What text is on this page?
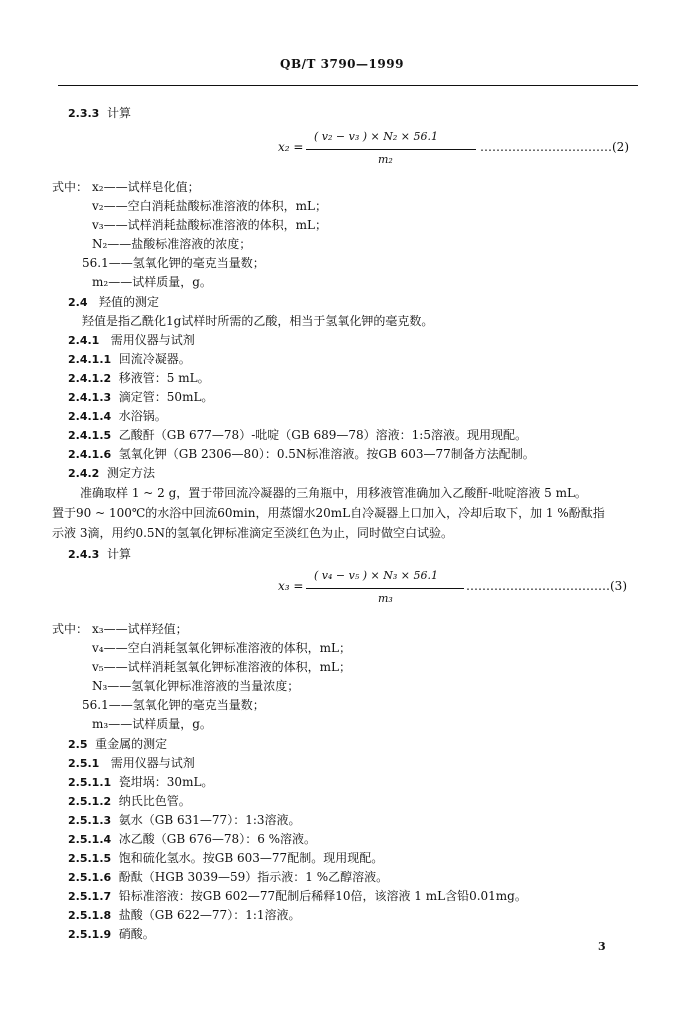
QB/T 3790—1999
2.3.3 计算
x₂ =
( v₂ − v₃ ) × N₂ × 56.1
m₂
……………………………(2)
式中： x₂——试样皂化值；
v₂——空白消耗盐酸标准溶液的体积，mL；
v₃——试样消耗盐酸标准溶液的体积，mL；
N₂——盐酸标准溶液的浓度；
56.1——氢氧化钾的毫克当量数；
m₂——试样质量，g。
2.4 羟值的测定
羟值是指乙酰化1g试样时所需的乙酸，相当于氢氧化钾的毫克数。
2.4.1 需用仪器与试剂
2.4.1.1 回流冷凝器。
2.4.1.2 移液管：5 mL。
2.4.1.3 滴定管：50mL。
2.4.1.4 水浴锅。
2.4.1.5 乙酸酐（GB 677—78）-吡啶（GB 689—78）溶液：1:5溶液。现用现配。
2.4.1.6 氢氧化钾（GB 2306—80）：0.5N标准溶液。按GB 603—77制备方法配制。
2.4.2 测定方法
准确取样 1 ~ 2 g，置于带回流冷凝器的三角瓶中，用移液管准确加入乙酸酐-吡啶溶液 5 mL。
置于90 ~ 100℃的水浴中回流60min，用蒸馏水20mL自冷凝器上口加入，冷却后取下，加 1 %酚酞指
示液 3滴，用约0.5N的氢氧化钾标准滴定至淡红色为止，同时做空白试验。
2.4.3 计算
x₃ =
( v₄ − v₅ ) × N₃ × 56.1
m₃
………………………………(3)
式中： x₃——试样羟值；
v₄——空白消耗氢氧化钾标准溶液的体积，mL；
v₅——试样消耗氢氧化钾标准溶液的体积，mL；
N₃——氢氧化钾标准溶液的当量浓度；
56.1——氢氧化钾的毫克当量数；
m₃——试样质量，g。
2.5 重金属的测定
2.5.1 需用仪器与试剂
2.5.1.1 瓷坩埚：30mL。
2.5.1.2 纳氏比色管。
2.5.1.3 氨水（GB 631—77）：1:3溶液。
2.5.1.4 冰乙酸（GB 676—78）：6 %溶液。
2.5.1.5 饱和硫化氢水。按GB 603—77配制。现用现配。
2.5.1.6 酚酞（HGB 3039—59）指示液：1 %乙醇溶液。
2.5.1.7 铅标准溶液：按GB 602—77配制后稀释10倍，该溶液 1 mL含铅0.01mg。
2.5.1.8 盐酸（GB 622—77）：1:1溶液。
2.5.1.9 硝酸。
3
